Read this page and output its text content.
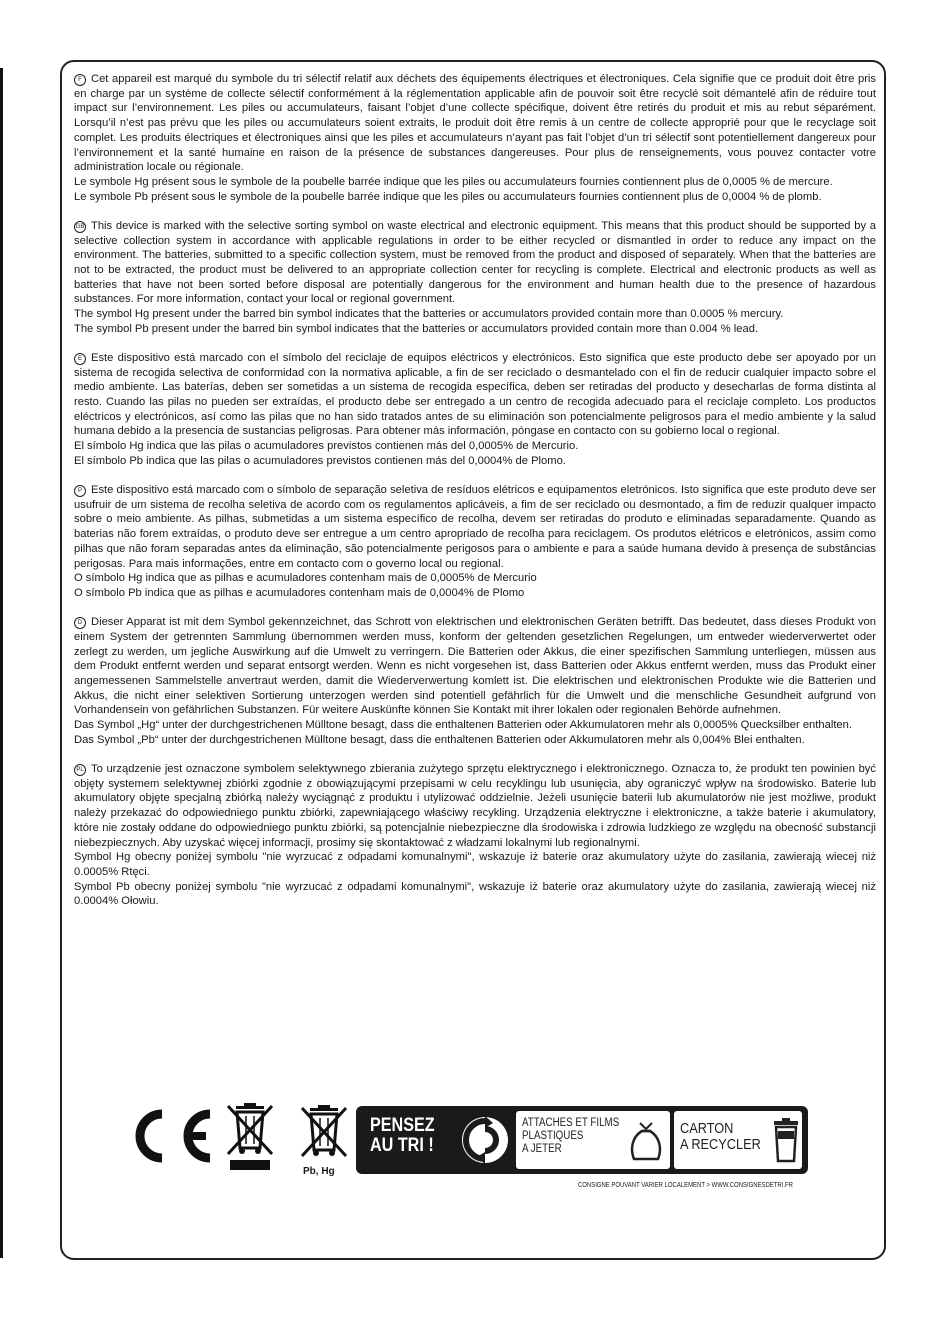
F Cet appareil est marqué du symbole du tri sélectif relatif aux déchets des équipements électriques et électroniques. Cela signifie que ce produit doit être pris en charge par un système de collecte sélectif conformément à la réglementation applicable afin de pouvoir soit être recyclé soit démantelé afin de réduire tout impact sur l’environnement. Les piles ou accumulateurs, faisant l’objet d’une collecte spécifique, doivent être retirés du produit et mis au rebut séparément. Lorsqu’il n’est pas prévu que les piles ou accumulateurs soient extraits, le produit doit être remis à un centre de collecte approprié pour que le recyclage soit complet. Les produits électriques et électroniques ainsi que les piles et accumulateurs n’ayant pas fait l’objet d’un tri sélectif sont potentiellement dangereux pour l’environnement et la santé humaine en raison de la présence de substances dangereuses. Pour plus de renseignements, vous pouvez contacter votre administration locale ou régionale.

Le symbole Hg présent sous le symbole de la poubelle barrée indique que les piles ou accumulateurs fournies contiennent plus de 0,0005 % de mercure.

Le symbole Pb présent sous le symbole de la poubelle barrée indique que les piles ou accumulateurs fournies contiennent plus de 0,0004 % de plomb.

GB This device is marked with the selective sorting symbol on waste electrical and electronic equipment. This means that this product should be supported by a selective collection system in accordance with applicable regulations in order to be either recycled or dismantled in order to reduce any impact on the environment. The batteries, submitted to a specific collection system, must be removed from the product and disposed of separately. When that the batteries are not to be extracted, the product must be delivered to an appropriate collection center for recycling is complete. Electrical and electronic products as well as batteries that have not been sorted before disposal are potentially dangerous for the environment and human health due to the presence of hazardous substances. For more information, contact your local or regional government.

The symbol Hg present under the barred bin symbol indicates that the batteries or accumulators provided contain more than 0.0005 % mercury.

The symbol Pb present under the barred bin symbol indicates that the batteries or accumulators provided contain more than 0.004 % lead.

E Este dispositivo está marcado con el símbolo del reciclaje de equipos eléctricos y electrónicos. Esto significa que este producto debe ser apoyado por un sistema de recogida selectiva de conformidad con la normativa aplicable, a fin de ser reciclado o desmantelado con el fin de reducir cualquier impacto sobre el medio ambiente. Las baterías, deben ser sometidas a un sistema de recogida específica, deben ser retiradas del producto y desecharlas de forma distinta al resto. Cuando las pilas no pueden ser extraídas, el producto debe ser entregado a un centro de recogida adecuado para el reciclaje completo. Los productos eléctricos y electrónicos, así como las pilas que no han sido tratados antes de su eliminación son potencialmente peligrosos para el medio ambiente y la salud humana debido a la presencia de sustancias peligrosas. Para obtener más información, póngase en contacto con su gobierno local o regional.

El símbolo Hg indica que las pilas o acumuladores previstos contienen más del 0,0005% de Mercurio.

El símbolo Pb indica que las pilas o acumuladores previstos contienen más del 0,0004% de Plomo.

P Este dispositivo está marcado com o símbolo de separação seletiva de resíduos elétricos e equipamentos eletrónicos. Isto significa que este produto deve ser usufruir de um sistema de recolha seletiva de acordo com os regulamentos aplicáveis, a fim de ser reciclado ou desmontado, a fim de reduzir qualquer impacto sobre o meio ambiente. As pilhas, submetidas a um sistema específico de recolha, devem ser retiradas do produto e eliminadas separadamente. Quando as baterias não forem extraídas, o produto deve ser entregue a um centro apropriado de recolha para reciclagem. Os produtos elétricos e eletrónicos, assim como pilhas que não foram separadas antes da eliminação, são potencialmente perigosos para o ambiente e para a saúde humana devido à presença de substâncias perigosas. Para mais informações, entre em contacto com o governo local ou regional.

O símbolo Hg indica que as pilhas e acumuladores contenham mais de 0,0005% de Mercurio

O símbolo Pb indica que as pilhas e acumuladores contenham mais de 0,0004% de Plomo

D Dieser Apparat ist mit dem Symbol gekennzeichnet, das Schrott von elektrischen und elektronischen Geräten betrifft. Das bedeutet, dass dieses Produkt von einem System der getrennten Sammlung übernommen werden muss, konform der geltenden gesetzlichen Regelungen, um entweder wiederverwertet oder zerlegt zu werden, um jegliche Auswirkung auf die Umwelt zu verringern. Die Batterien oder Akkus, die einer spezifischen Sammlung unterliegen, müssen aus dem Produkt entfernt werden und separat entsorgt werden. Wenn es nicht vorgesehen ist, dass Batterien oder Akkus entfernt werden, muss das Produkt einer angemessenen Sammelstelle anvertraut werden, damit die Wiederverwertung komlett ist. Die elektrischen und elektronischen Produkte wie die Batterien und Akkus, die nicht einer selektiven Sortierung unterzogen werden sind potentiell gefährlich für die Umwelt und die menschliche Gesundheit aufgrund von Vorhandensein von gefährlichen Substanzen. Für weitere Auskünfte können Sie Kontakt mit ihrer lokalen oder regionalen Behörde aufnehmen.

Das Symbol „Hg“ unter der durchgestrichenen Mülltone besagt, dass die enthaltenen Batterien oder Akkumulatoren mehr als 0,0005% Quecksilber enthalten.

Das Symbol „Pb“ unter der durchgestrichenen Mülltone besagt, dass die enthaltenen Batterien oder Akkumulatoren mehr als 0,004% Blei enthalten.

PL To urządzenie jest oznaczone symbolem selektywnego zbierania zużytego sprzętu elektrycznego i elektronicznego. Oznacza to, że produkt ten powinien być objęty systemem selektywnej zbiórki zgodnie z obowiązującymi przepisami w celu recyklingu lub usunięcia, aby ograniczyć wpływ na środowisko. Baterie lub akumulatory objęte specjalną zbiórką należy wyciągnąć z produktu i utylizować oddzielnie. Jeżeli usunięcie baterii lub akumulatorów nie jest możliwe, produkt należy przekazać do odpowiedniego punktu zbiórki, zapewniającego właściwy recykling. Urządzenia elektryczne i elektroniczne, a także baterie i akumulatory, które nie zostały oddane do odpowiedniego punktu zbiórki, są potencjalnie niebezpieczne dla środowiska i zdrowia ludzkiego ze względu na obecność substancji niebezpiecznych. Aby uzyskać więcej informacji, prosimy się skontaktować z władzami lokalnymi lub regionalnymi.

Symbol Hg obecny poniżej symbolu "nie wyrzucać z odpadami komunalnymi", wskazuje iż baterie oraz akumulatory użyte do zasilania, zawierają wiecej niż 0.0005% Rtęci.

Symbol Pb obecny poniżej symbolu "nie wyrzucać z odpadami komunalnymi", wskazuje iż baterie oraz akumulatory użyte do zasilania, zawierają wiecej niż 0.0004% Ołowiu.

Pb, Hg
PENSEZ
AU TRI !
ATTACHES ET FILMS
PLASTIQUES
A JETER
CARTON
A RECYCLER
CONSIGNE POUVANT VARIER LOCALEMENT > WWW.CONSIGNESDETRI.FR
